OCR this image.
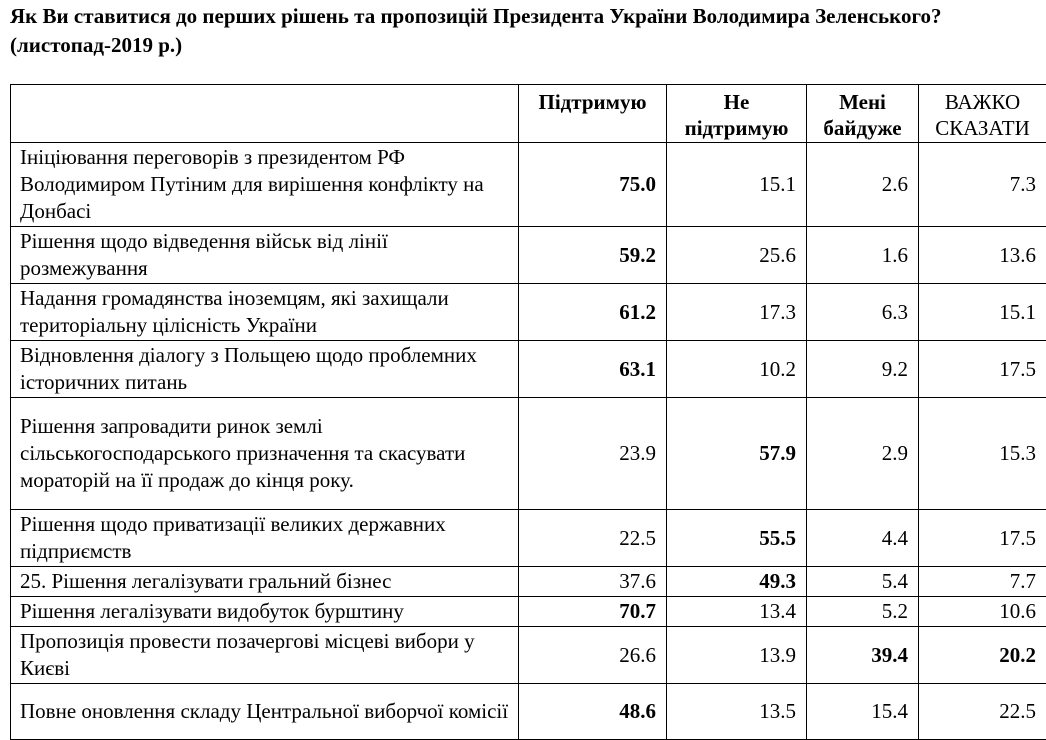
Як Ви ставитися до перших рішень та пропозицій Президента України Володимира Зеленського? (листопад-2019 р.)
	Підтримую	Не підтримую	Мені байдуже	ВАЖКО СКАЗАТИ
Ініціювання переговорів з президентом РФ Володимиром Путіним для вирішення конфлікту на Донбасі	75.0	15.1	2.6	7.3
Рішення щодо відведення військ від лінії розмежування	59.2	25.6	1.6	13.6
Надання громадянства іноземцям, які захищали територіальну цілісність України	61.2	17.3	6.3	15.1
Відновлення діалогу з Польщею щодо проблемних історичних питань	63.1	10.2	9.2	17.5
Рішення запровадити ринок землі сільськогосподарського призначення та скасувати мораторій на її продаж до кінця року.	23.9	57.9	2.9	15.3
Рішення щодо приватизації великих державних підприємств	22.5	55.5	4.4	17.5
25. Рішення легалізувати гральний бізнес	37.6	49.3	5.4	7.7
Рішення легалізувати видобуток бурштину	70.7	13.4	5.2	10.6
Пропозиція провести позачергові місцеві вибори у Києві	26.6	13.9	39.4	20.2
Повне оновлення складу Центральної виборчої комісії	48.6	13.5	15.4	22.5
